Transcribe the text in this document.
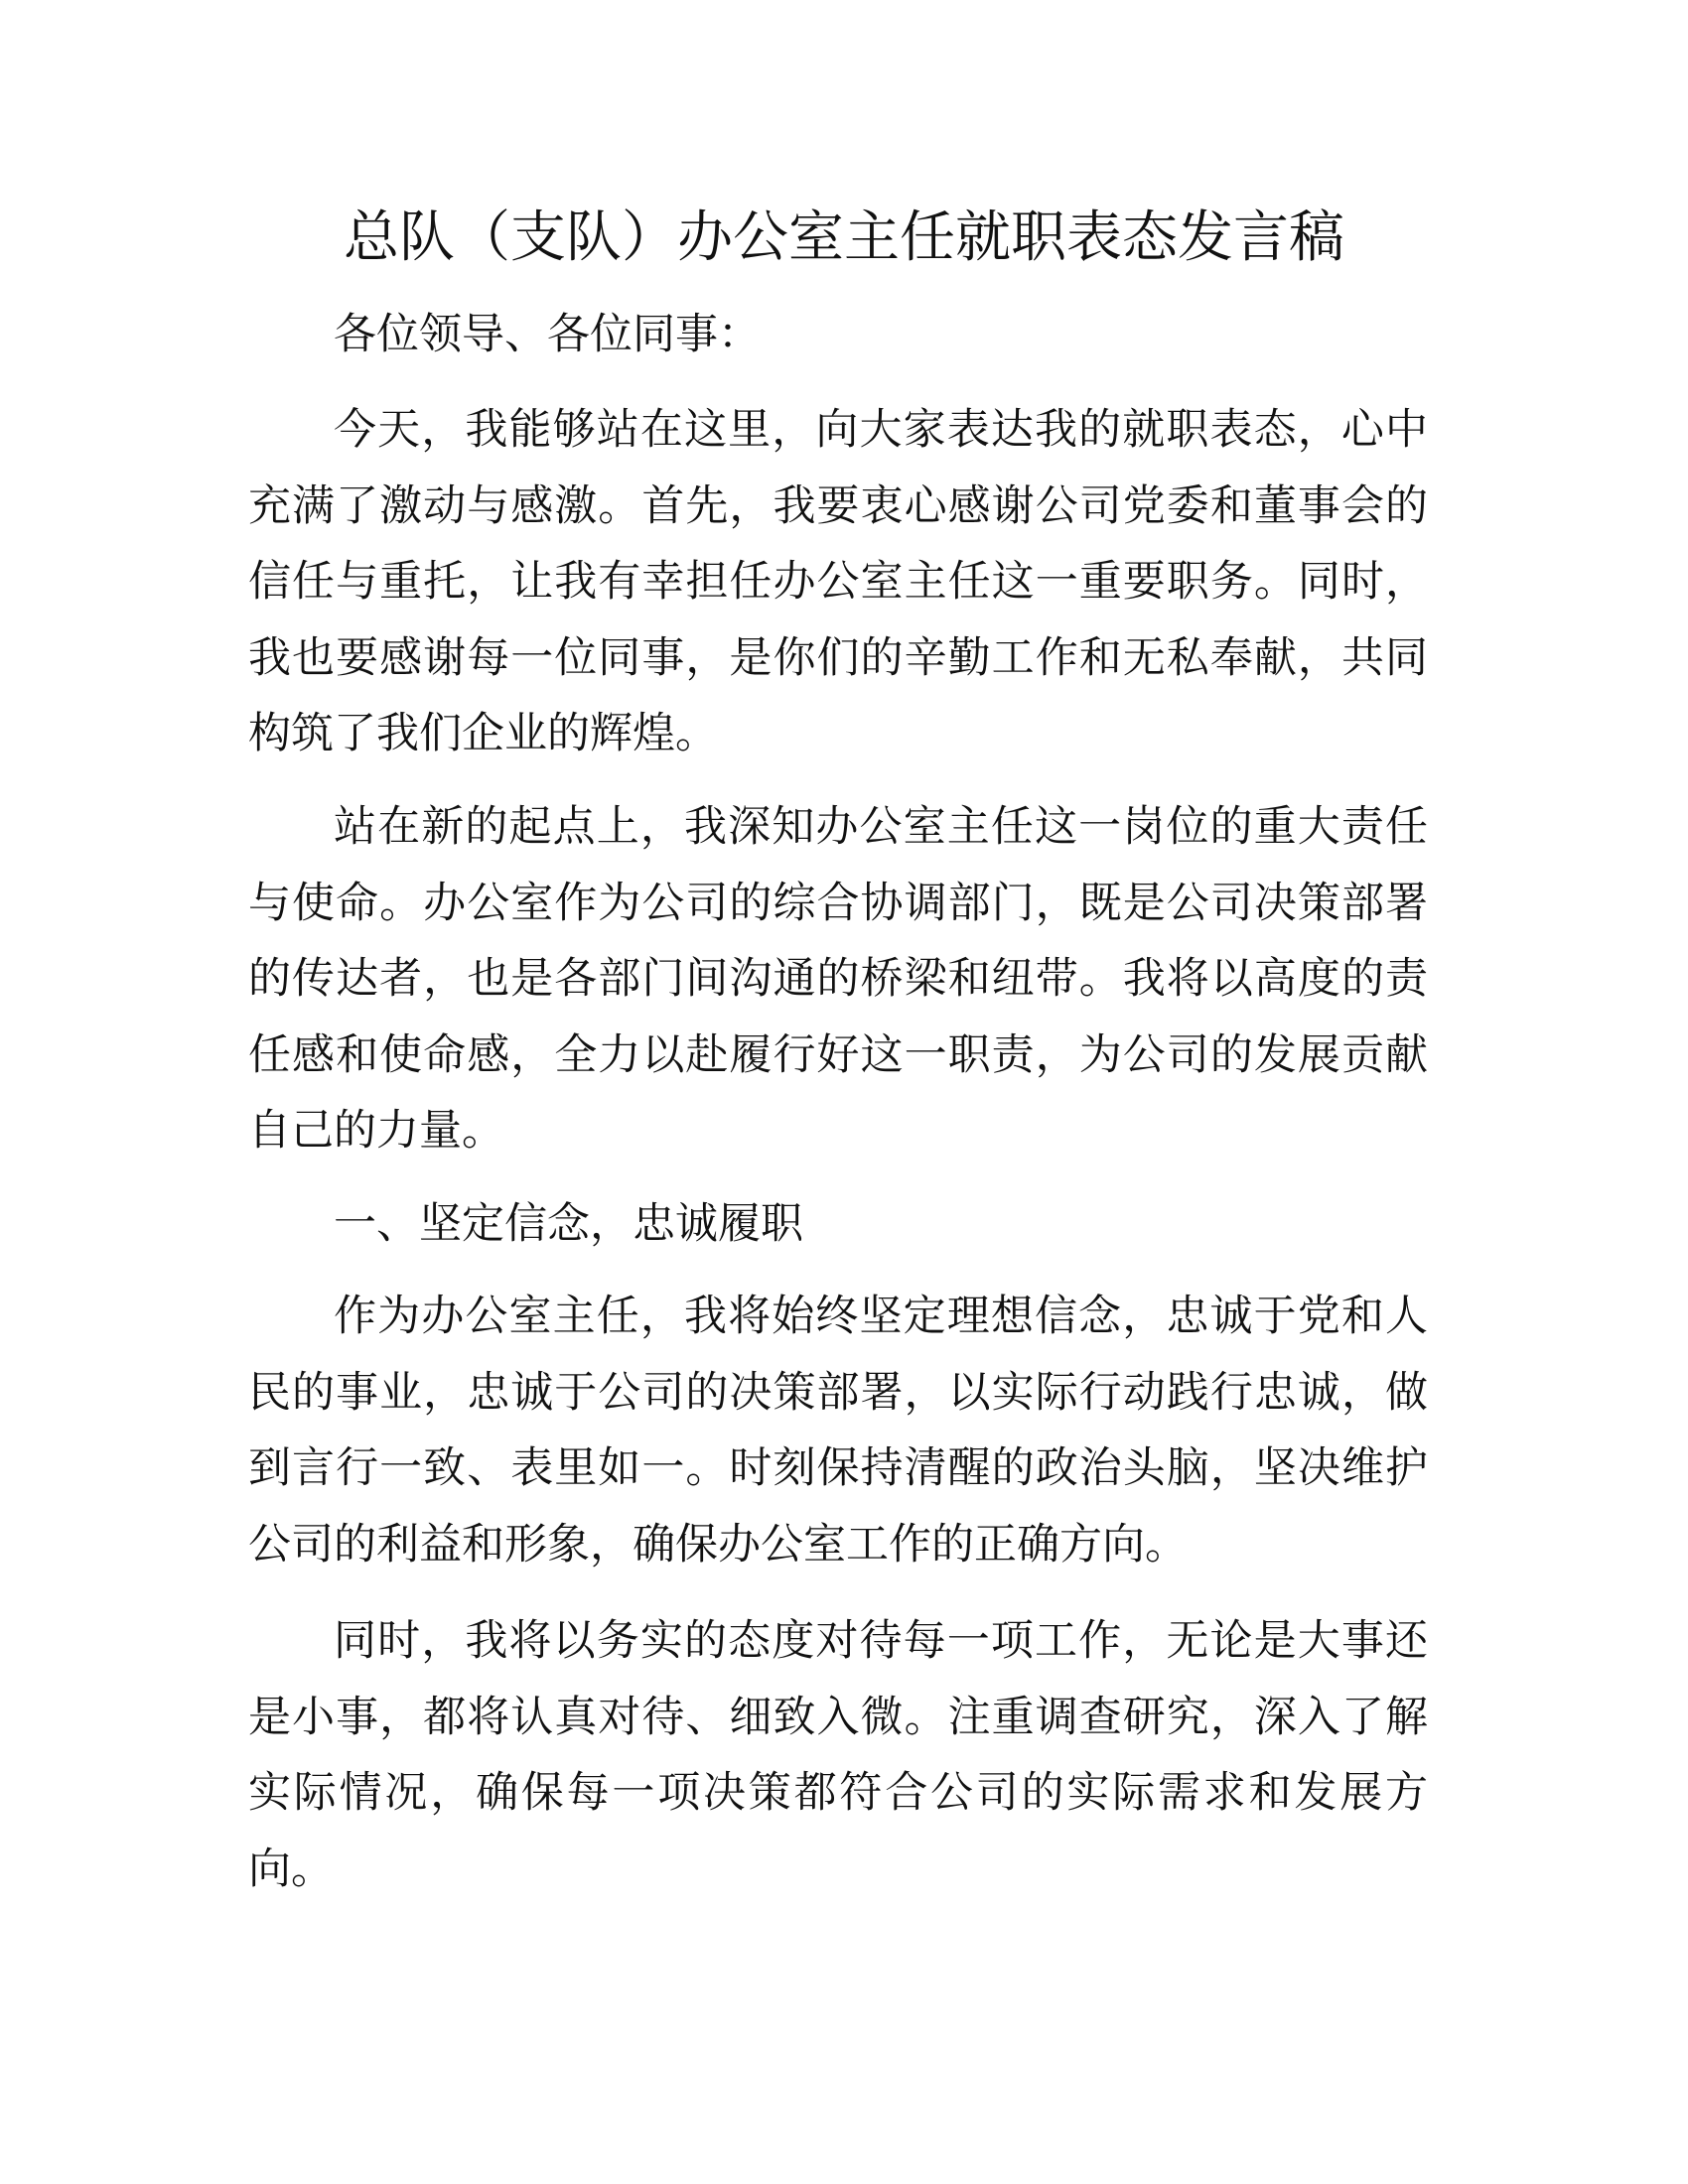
总队（支队）办公室主任就职表态发言稿
各位领导、各位同事：
今天，我能够站在这里，向大家表达我的就职表态，心中
充满了激动与感激。首先，我要衷心感谢公司党委和董事会的
信任与重托，让我有幸担任办公室主任这一重要职务。同时，
我也要感谢每一位同事，是你们的辛勤工作和无私奉献，共同
构筑了我们企业的辉煌。
站在新的起点上，我深知办公室主任这一岗位的重大责任
与使命。办公室作为公司的综合协调部门，既是公司决策部署
的传达者，也是各部门间沟通的桥梁和纽带。我将以高度的责
任感和使命感，全力以赴履行好这一职责，为公司的发展贡献
自己的力量。
一、坚定信念，忠诚履职
作为办公室主任，我将始终坚定理想信念，忠诚于党和人
民的事业，忠诚于公司的决策部署，以实际行动践行忠诚，做
到言行一致、表里如一。时刻保持清醒的政治头脑，坚决维护
公司的利益和形象，确保办公室工作的正确方向。
同时，我将以务实的态度对待每一项工作，无论是大事还
是小事，都将认真对待、细致入微。注重调查研究，深入了解
实际情况，确保每一项决策都符合公司的实际需求和发展方
向。
